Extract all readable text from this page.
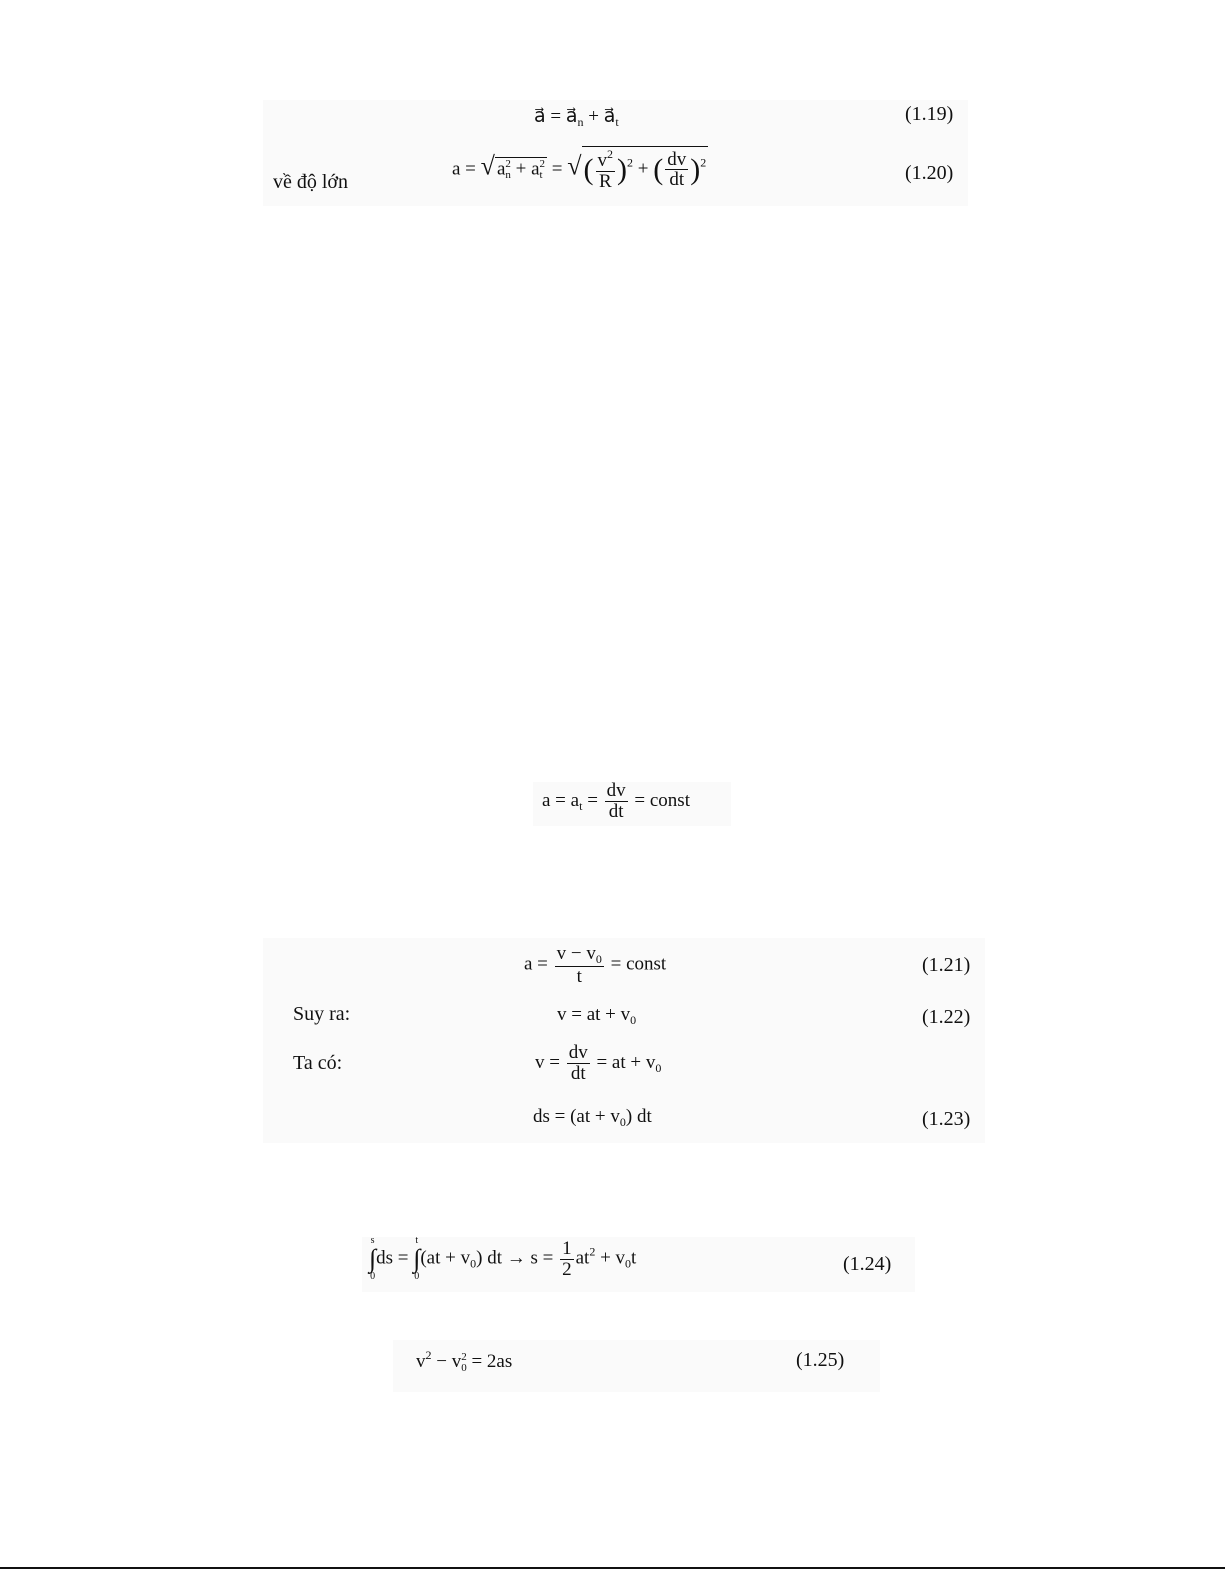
a⃗ = $a⃗_n$ + $a⃗_t$	(1.19)
về độ lớn
a = √ a 2
n + a 2
t = √( $\frac{v^2}{R} )^2$ + ( $\frac{dv}{dt} )^2$	(1.20)
$a = a_t = \frac{dv}{dt}$ = const
$a = \frac{v - v_0}{t}$ = const	(1.21)
Suy ra:	v = at + $v_0$	(1.22)
Ta có:	$v = \frac{dv}{dt}$ = at + $v_0$
ds = $(at + v_0)$ dt	(1.23)
s
∫
0
ds =
t
∫
0
$(at + v_0)$ dt → $s = \frac{1}{2} at^2 + v_0t$	(1.24)
$v^2 - v$ 2
0 = 2as	(1.25)
